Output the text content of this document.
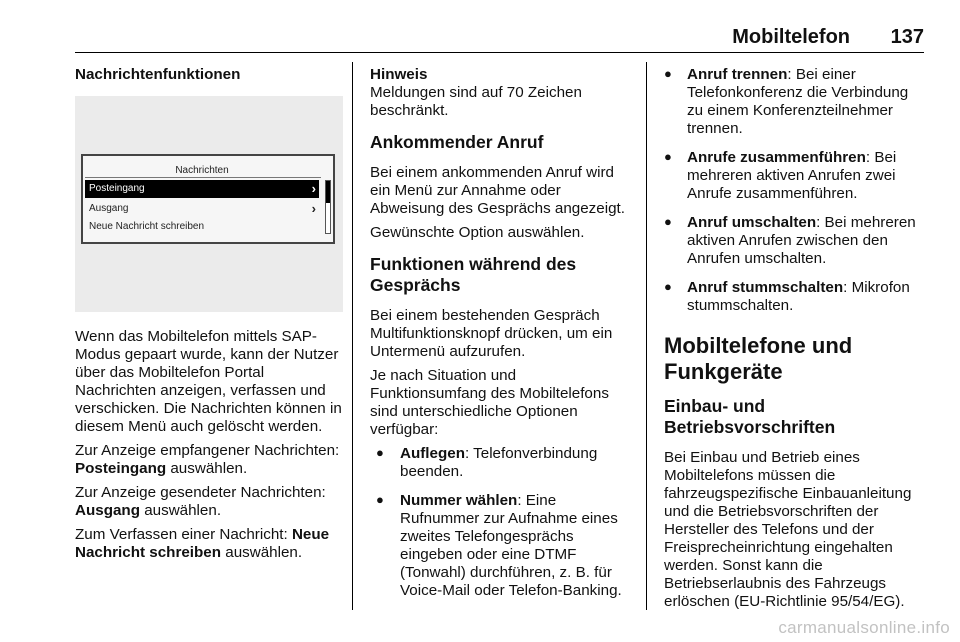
Mobiltelefon 137
Nachrichtenfunktionen
Nachrichten
Posteingang	›
Ausgang	›
Neue Nachricht schreiben

Wenn das Mobiltelefon mittels SAP-Modus gepaart wurde, kann der Nutzer über das Mobiltelefon Portal Nachrichten anzeigen, verfassen und verschicken. Die Nachrichten können in diesem Menü auch gelöscht werden.

Zur Anzeige empfangener Nachrichten: Posteingang auswählen.

Zur Anzeige gesendeter Nachrichten: Ausgang auswählen.

Zum Verfassen einer Nachricht: Neue Nachricht schreiben auswählen.

Hinweis
Meldungen sind auf 70 Zeichen beschränkt.
Ankommender Anruf

Bei einem ankommenden Anruf wird ein Menü zur Annahme oder Abweisung des Gesprächs angezeigt.

Gewünschte Option auswählen.

Funktionen während des Gesprächs

Bei einem bestehenden Gespräch Multifunktionsknopf drücken, um ein Untermenü aufzurufen.

Je nach Situation und Funktionsumfang des Mobiltelefons sind unterschiedliche Optionen verfügbar:

● Auflegen: Telefonverbindung beenden.
● Nummer wählen: Eine Rufnummer zur Aufnahme eines zweites Telefongesprächs eingeben oder eine DTMF (Tonwahl) durchführen, z. B. für Voice-Mail oder Telefon-Banking.
● Anruf trennen: Bei einer Telefonkonferenz die Verbindung zu einem Konferenzteilnehmer trennen.
● Anrufe zusammenführen: Bei mehreren aktiven Anrufen zwei Anrufe zusammenführen.
● Anruf umschalten: Bei mehreren aktiven Anrufen zwischen den Anrufen umschalten.
● Anruf stummschalten: Mikrofon stummschalten.
Mobiltelefone und Funkgeräte
Einbau- und Betriebsvorschriften

Bei Einbau und Betrieb eines Mobiltelefons müssen die fahrzeugspezifische Einbauanleitung und die Betriebsvorschriften der Hersteller des Telefons und der Freisprecheinrichtung eingehalten werden. Sonst kann die Betriebserlaubnis des Fahrzeugs erlöschen (EU-Richtlinie 95/54/EG).

carmanualsonline.info
